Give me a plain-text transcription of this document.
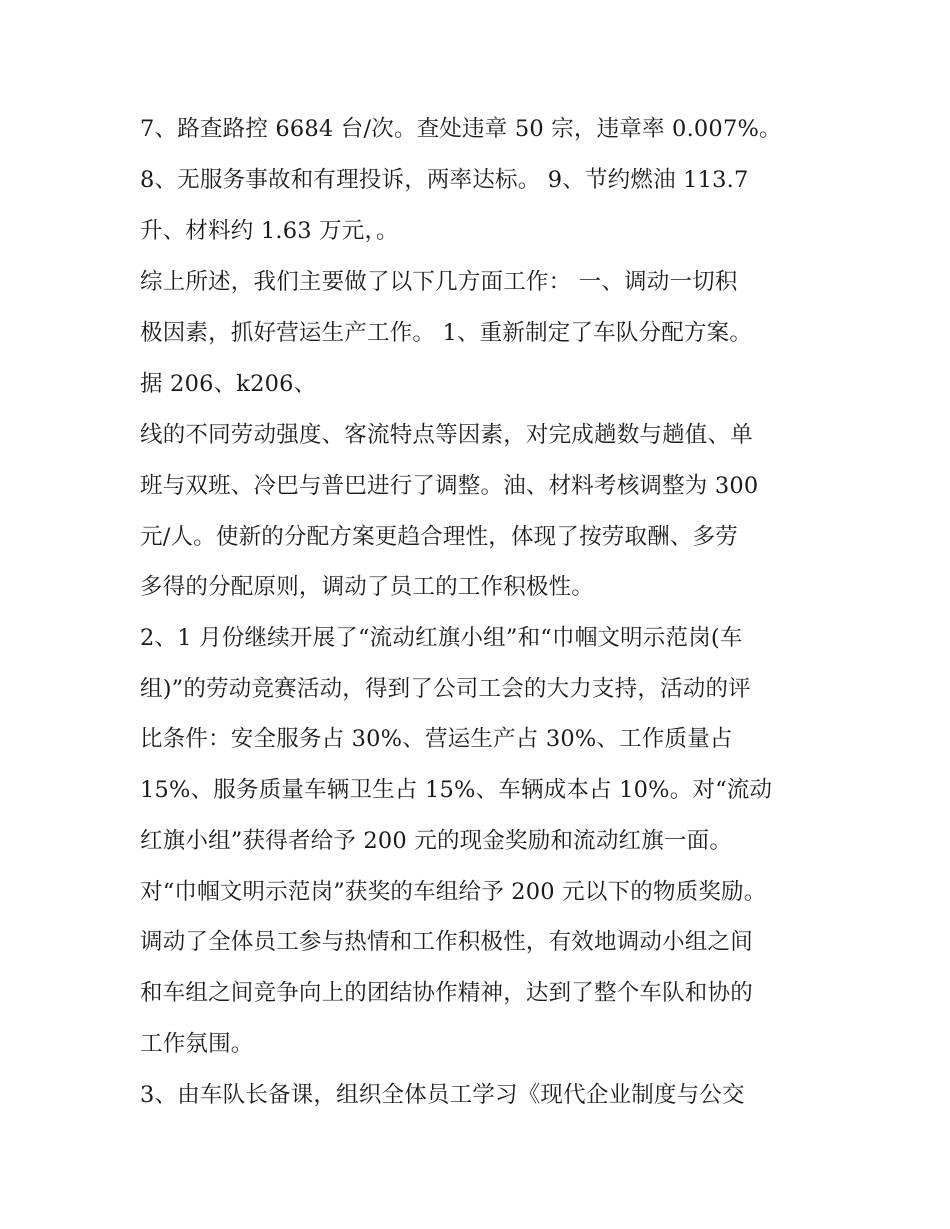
7、路查路控 6684 台/次。查处违章 50 宗，违章率 0.007%。

8、无服务事故和有理投诉，两率达标。 9、节约燃油 113.7

升、材料约 1.63 万元，。

综上所述，我们主要做了以下几方面工作： 一、调动一切积

极因素，抓好营运生产工作。 1、重新制定了车队分配方案。

据 206、k206、

线的不同劳动强度、客流特点等因素，对完成趟数与趟值、单

班与双班、冷巴与普巴进行了调整。油、材料考核调整为 300

元/人。使新的分配方案更趋合理性，体现了按劳取酬、多劳

多得的分配原则，调动了员工的工作积极性。

2、1 月份继续开展了“流动红旗小组”和“巾帼文明示范岗(车

组)”的劳动竞赛活动，得到了公司工会的大力支持，活动的评

比条件：安全服务占 30%、营运生产占 30%、工作质量占

15%、服务质量车辆卫生占 15%、车辆成本占 10%。对“流动

红旗小组”获得者给予 200 元的现金奖励和流动红旗一面。

对“巾帼文明示范岗”获奖的车组给予 200 元以下的物质奖励。

调动了全体员工参与热情和工作积极性，有效地调动小组之间

和车组之间竞争向上的团结协作精神，达到了整个车队和协的

工作氛围。

3、由车队长备课，组织全体员工学习《现代企业制度与公交
